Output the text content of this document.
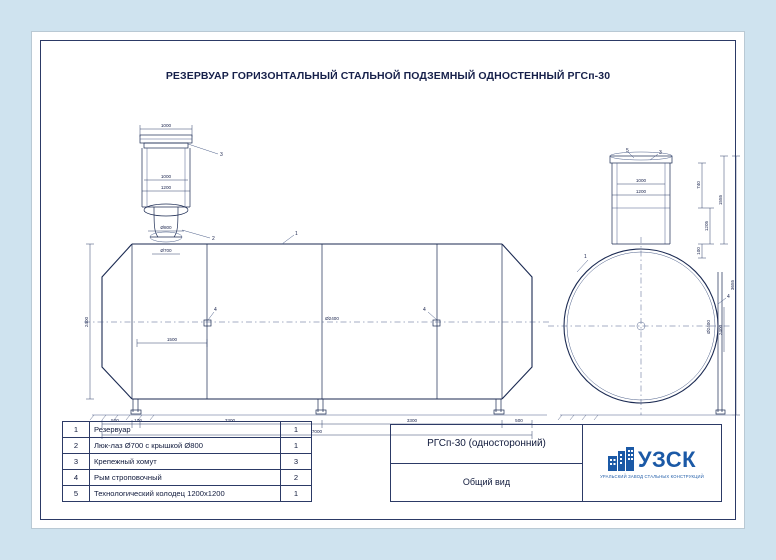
РЕЗЕРВУАР ГОРИЗОНТАЛЬНЫЙ СТАЛЬНОЙ ПОДЗЕМНЫЙ ОДНОСТЕННЫЙ РГСп-30
1000
1000
1200
Ø800
Ø700
Ø2400
2400
1500
500	100	3300	3300	500
7000
3
2
1
4	4
1000
1200
740
1205
1555
100
3655
Ø2400 2400
5	3
1
4
1	Резервуар	1
2	Люк-лаз Ø700 с крышкой Ø800	1
3	Крепежный хомут	3
4	Рым строповочный	2
5	Технологический колодец 1200x1200	1
РГСп-30 (односторонний)
Общий вид
УЗСК
УРАЛЬСКИЙ ЗАВОД СТАЛЬНЫХ КОНСТРУКЦИЙ
